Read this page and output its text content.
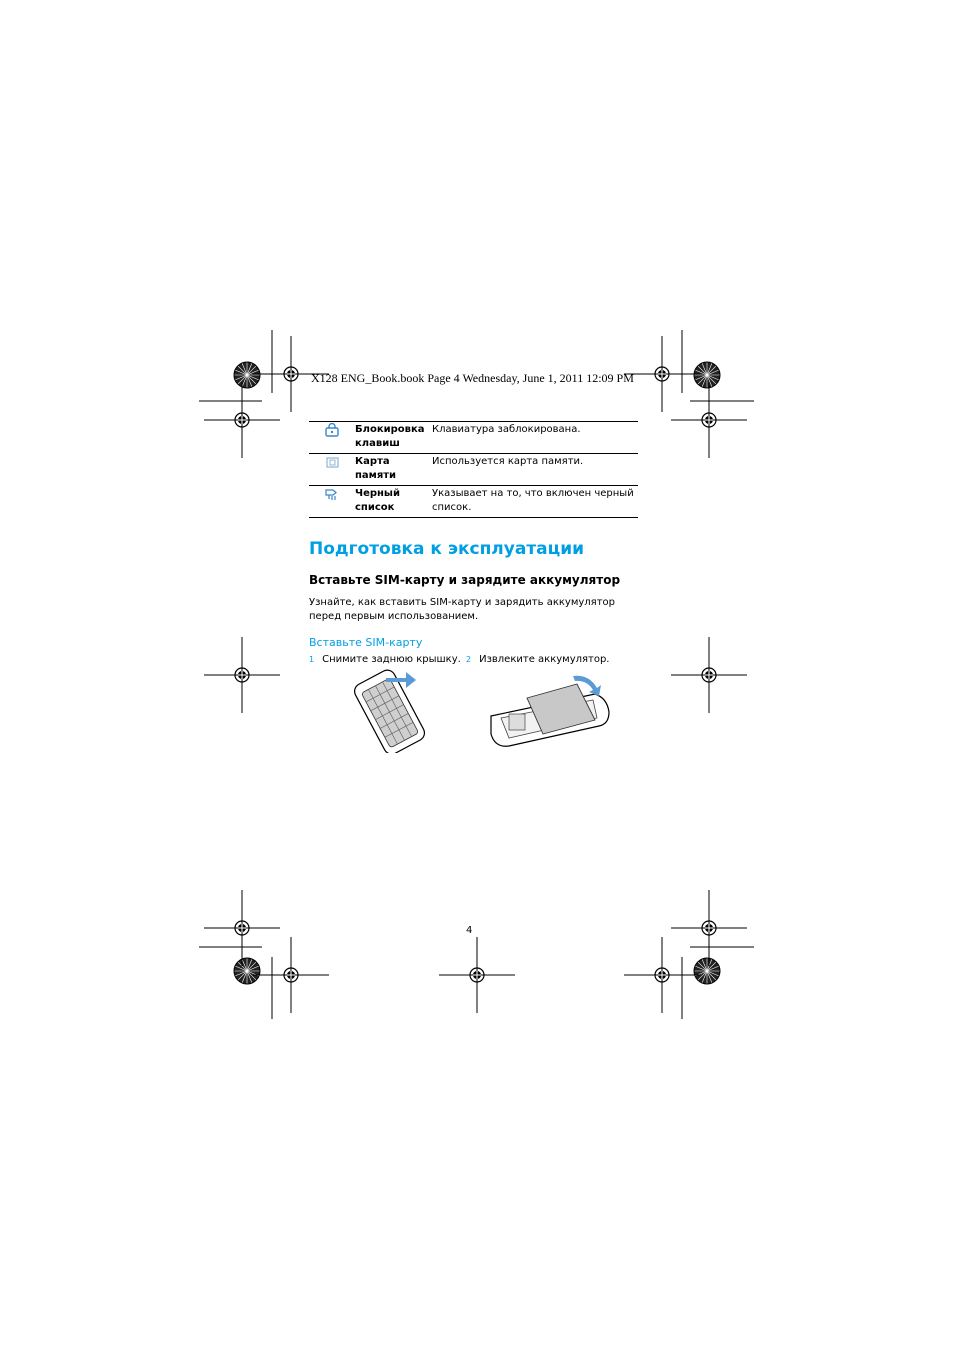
X128 ENG_Book.book Page 4 Wednesday, June 1, 2011 12:09 PM
	Блокировка клавиш	Клавиатура заблокирована.
	Карта памяти	Используется карта памяти.
	Черный список	Указывает на то, что включен черный список.
Подготовка к эксплуатации
Вставьте SIM-карту и зарядите аккумулятор
Узнайте, как вставить SIM-карту и зарядить аккумулятор перед первым использованием.
Вставьте SIM-карту
1 Снимите заднюю крышку. 2 Извлеките аккумулятор.
4
